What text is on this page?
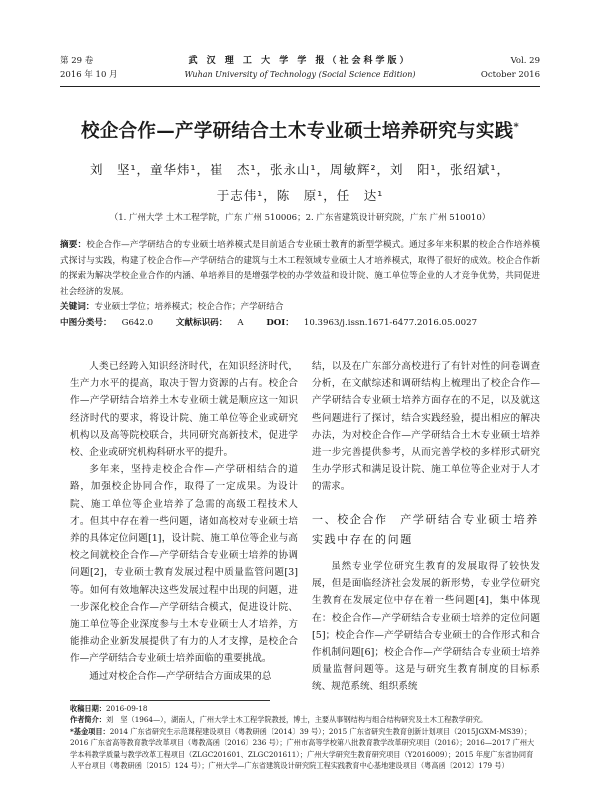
第 29 卷
2016 年 10 月
武 汉 理 工 大 学 学 报（社会科学版）
Wuhan University of Technology (Social Science Edition)
Vol. 29
October 2016
校企合作—产学研结合土木专业硕士培养研究与实践*
刘　坚¹，童华炜¹，崔　杰¹，张永山¹，周敏辉²，刘　阳¹，张绍斌¹，
于志伟¹，陈　原¹，任　达¹
（1. 广州大学 土木工程学院，广东 广州 510006；2. 广东省建筑设计研究院，广东 广州 510010）

摘要：校企合作—产学研结合的专业硕士培养模式是目前适合专业硕士教育的新型学模式。通过多年来积累的校企合作培养模式探讨与实践，构建了校企合作—产学研结合的建筑与土木工程领域专业硕士人才培养模式，取得了很好的成效。校企合作新的探索为解决学校企业合作的内涵、单培养目的是增强学校的办学效益和设计院、施工单位等企业的人才竞争优势，共同促进社会经济的发展。

关键词：专业硕士学位；培养模式；校企合作；产学研结合

中图分类号： G642.0	文献标识码： A	DOI： 10.3963/j.issn.1671-6477.2016.05.0027

人类已经跨入知识经济时代，在知识经济时代，生产力水平的提高，取决于智力资源的占有。校企合作—产学研结合培养土木专业硕士就是顺应这一知识经济时代的要求，将设计院、施工单位等企业或研究机构以及高等院校联合，共同研究高新技术，促进学校、企业或研究机构科研水平的提升。

多年来，坚持走校企合作—产学研相结合的道路，加强校企协同合作，取得了一定成果。为设计院、施工单位等企业培养了急需的高级工程技术人才。但其中存在着一些问题，诸如高校对专业硕士培养的具体定位问题[1]，设计院、施工单位等企业与高校之间就校企合作—产学研结合专业硕士培养的协调问题[2]，专业硕士教育发展过程中质量监管问题[3]等。如何有效地解决这些发展过程中出现的问题，进一步深化校企合作—产学研结合模式，促进设计院、施工单位等企业深度参与土木专业硕士人才培养，方能推动企业新发展提供了有力的人才支撑，是校企合作—产学研结合专业硕士培养面临的重要挑战。

通过对校企合作—产学研结合方面成果的总

结，以及在广东部分高校进行了有针对性的问卷调查分析，在文献综述和调研结构上梳理出了校企合作—产学研结合专业硕士培养方面存在的不足，以及就这些问题进行了探讨，结合实践经验，提出相应的解决办法，为对校企合作—产学研结合土木专业硕士培养进一步完善提供参考，从而完善学校的多样形式研究生办学形式和满足设计院、施工单位等企业对于人才的需求。

一、校企合作　产学研结合专业硕士培养实践中存在的问题

虽然专业学位研究生教育的发展取得了较快发展，但是面临经济社会发展的新形势，专业学位研究生教育在发展定位中存在着一些问题[4]，集中体现在：校企合作—产学研结合专业硕士培养的定位问题[5]；校企合作—产学研结合专业硕士的合作形式和合作机制问题[6]；校企合作—产学研结合专业硕士培养质量监督问题等。这是与研究生教育制度的目标系统、规范系统、组织系统

收稿日期：2016-09-18

作者简介：刘　坚（1964—），湖南人，广州大学土木工程学院教授，博士，主要从事钢结构与组合结构研究及土木工程教学研究。

*基金项目：2014 广东省研究生示范课程建设项目（粤教研函〔2014〕39 号）；2015 广东省研究生教育创新计划项目（2015JGXM-MS39）；2016 广东省高等教育教学改革项目（粤教高函〔2016〕236 号）；广州市高等学校第八批教育教学改革研究项目（2016）；2016—2017 广州大学本科教学质量与教学改革工程项目（ZLGC201601、ZLGC201611）；广州大学研究生教育研究项目（Y2016009）；2015 年度广东省协同育人平台项目（粤教研函〔2015〕124 号）；广州大学—广东省建筑设计研究院工程实践教育中心基地建设项目（粤高函〔2012〕179 号）
